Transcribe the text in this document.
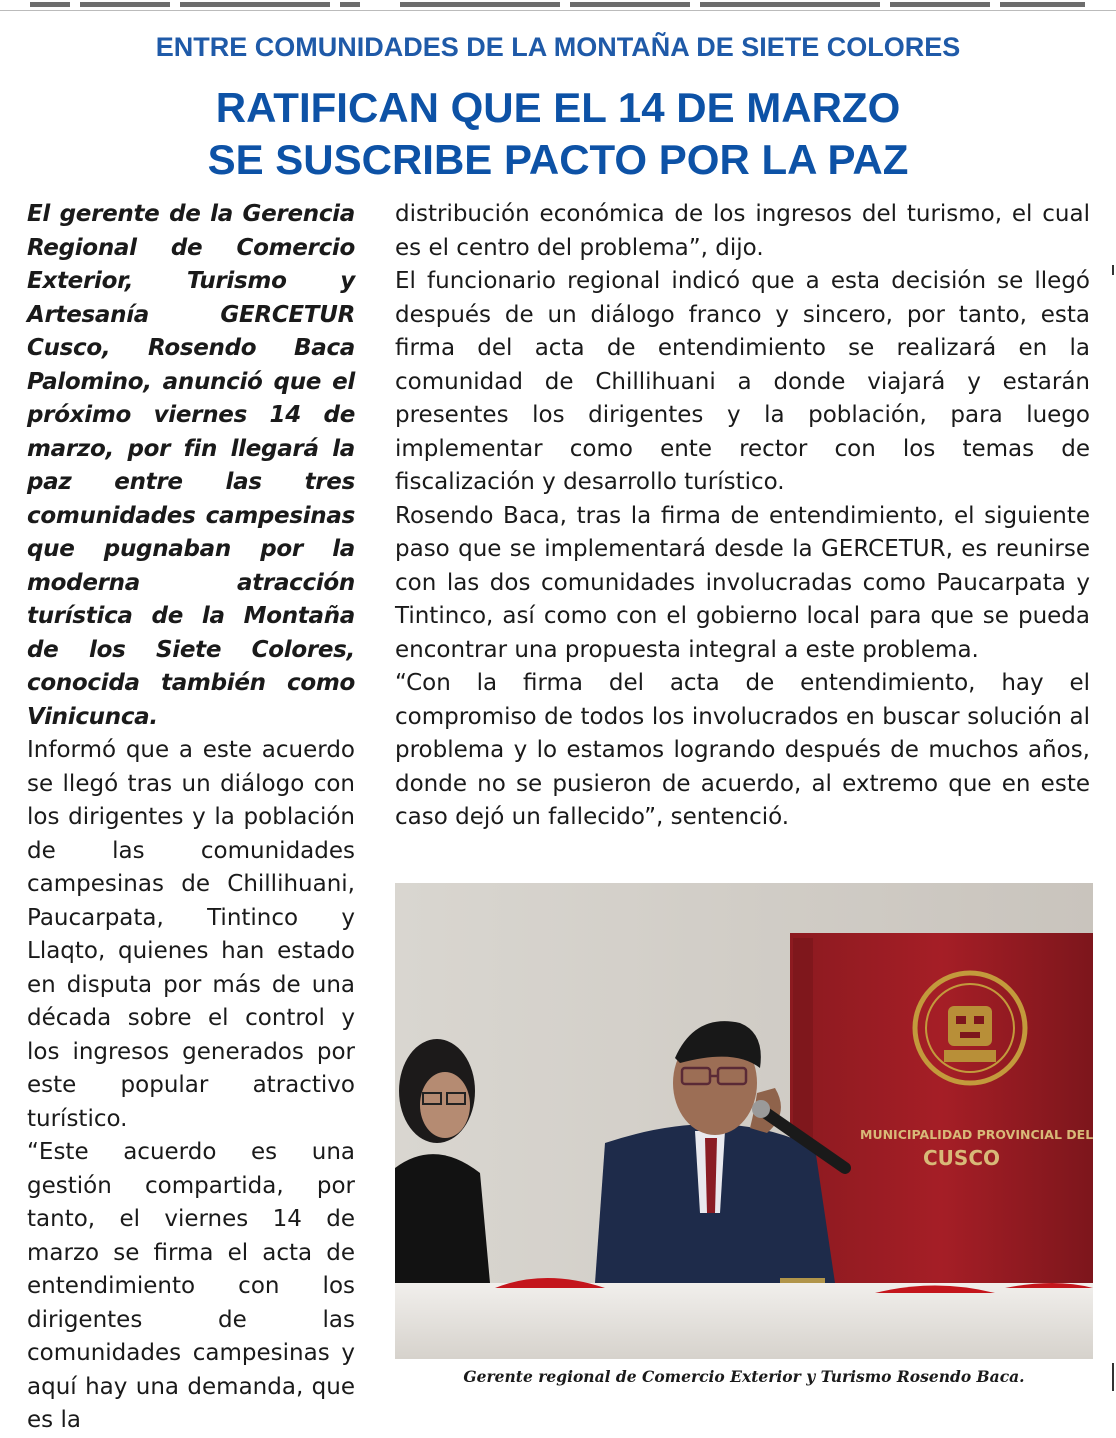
ENTRE COMUNIDADES DE LA MONTAÑA DE SIETE COLORES
RATIFICAN QUE EL 14 DE MARZO
SE SUSCRIBE PACTO POR LA PAZ

El gerente de la Gerencia Regional de Comercio Exterior, Turismo y Artesanía GERCETUR Cusco, Rosendo Baca Palomino, anunció que el próximo viernes 14 de marzo, por fin llegará la paz entre las tres comunidades campesinas que pugnaban por la moderna atracción turística de la Montaña de los Siete Colores, conocida también como Vinicunca.

Informó que a este acuerdo se llegó tras un diálogo con los dirigentes y la población de las comunidades campesinas de Chillihuani, Paucarpata, Tintinco y Llaqto, quienes han estado en disputa por más de una década sobre el control y los ingresos generados por este popular atractivo turístico.

“Este acuerdo es una gestión compartida, por tanto, el viernes 14 de marzo se firma el acta de entendimiento con los dirigentes de las comunidades campesinas y aquí hay una demanda, que es la

distribución económica de los ingresos del turismo, el cual es el centro del problema”, dijo.

El funcionario regional indicó que a esta decisión se llegó después de un diálogo franco y sincero, por tanto, esta firma del acta de entendimiento se realizará en la comunidad de Chillihuani a donde viajará y estarán presentes los dirigentes y la población, para luego implementar como ente rector con los temas de fiscalización y desarrollo turístico.

Rosendo Baca, tras la firma de entendimiento, el siguiente paso que se implementará desde la GERCETUR, es reunirse con las dos comunidades involucradas como Paucarpata y Tintinco, así como con el gobierno local para que se pueda encontrar una propuesta integral a este problema.

“Con la firma del acta de entendimiento, hay el compromiso de todos los involucrados en buscar solución al problema y lo estamos logrando después de muchos años, donde no se pusieron de acuerdo, al extremo que en este caso dejó un fallecido”, sentenció.

MUNICIPALIDAD PROVINCIAL DEL
CUSCO
Gerente regional de Comercio Exterior y Turismo Rosendo Baca.
